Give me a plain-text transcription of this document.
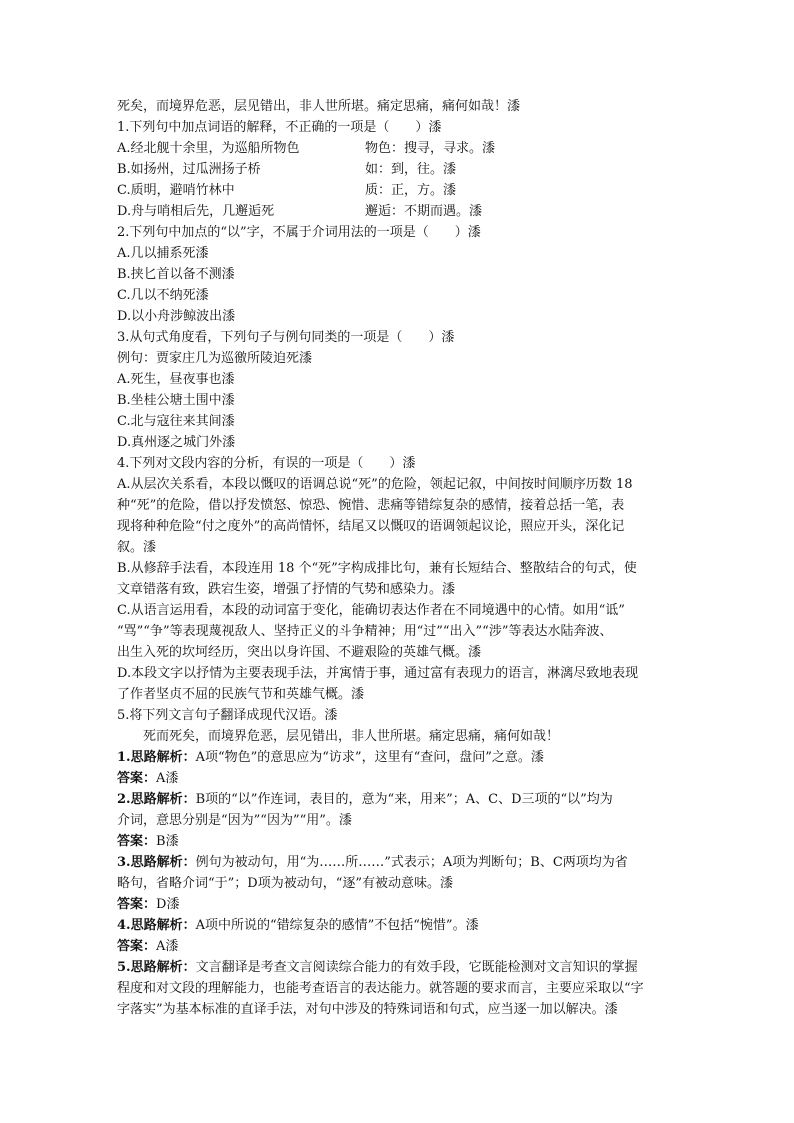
死矣，而境界危恶，层见错出，非人世所堪。痛定思痛，痛何如哉！潻
1.下列句中加点词语的解释，不正确的一项是（　　）潻
A.经北舰十余里，为巡船所物色	物色：搜寻，寻求。潻
B.如扬州，过瓜洲扬子桥	如：到，往。潻
C.质明，避哨竹林中	质：正，方。潻
D.舟与哨相后先，几邂逅死	邂逅：不期而遇。潻
2.下列句中加点的“以”字，不属于介词用法的一项是（　　）潻
A.几以捕系死潻
B.挟匕首以备不测潻
C.几以不纳死潻
D.以小舟涉鲸波出潻
3.从句式角度看，下列句子与例句同类的一项是（　　）潻
例句：贾家庄几为巡徼所陵迫死潻
A.死生，昼夜事也潻
B.坐桂公塘土围中潻
C.北与寇往来其间潻
D.真州逐之城门外潻
4.下列对文段内容的分析，有误的一项是（　　）潻
A.从层次关系看，本段以慨叹的语调总说“死”的危险，领起记叙，中间按时间顺序历数 18
种“死”的危险，借以抒发愤怒、惊恐、惋惜、悲痛等错综复杂的感情，接着总括一笔，表
现将种种危险“付之度外”的高尚情怀，结尾又以慨叹的语调领起议论，照应开头，深化记
叙。潻
B.从修辞手法看，本段连用 18 个“死”字构成排比句，兼有长短结合、整散结合的句式，使
文章错落有致，跌宕生姿，增强了抒情的气势和感染力。潻
C.从语言运用看，本段的动词富于变化，能确切表达作者在不同境遇中的心情。如用“诋”
“骂”“争”等表现蔑视敌人、坚持正义的斗争精神；用“过”“出入”“涉”等表达水陆奔波、
出生入死的坎坷经历，突出以身许国、不避艰险的英雄气概。潻
D.本段文字以抒情为主要表现手法，并寓情于事，通过富有表现力的语言，淋漓尽致地表现
了作者坚贞不屈的民族气节和英雄气概。潻
5.将下列文言句子翻译成现代汉语。潻
死而死矣，而境界危恶，层见错出，非人世所堪。痛定思痛，痛何如哉！
1.思路解析：A项“物色”的意思应为“访求”，这里有“查问，盘问”之意。潻
答案：A潻
2.思路解析：B项的“以”作连词，表目的，意为“来，用来”；A、C、D三项的“以”均为
介词，意思分别是“因为”“因为”“用”。潻
答案：B潻
3.思路解析：例句为被动句，用“为……所……”式表示；A项为判断句；B、C两项均为省
略句，省略介词“于”；D项为被动句，“逐”有被动意味。潻
答案：D潻
4.思路解析：A项中所说的“错综复杂的感情”不包括“惋惜”。潻
答案：A潻
5.思路解析：文言翻译是考查文言阅读综合能力的有效手段，它既能检测对文言知识的掌握
程度和对文段的理解能力，也能考查语言的表达能力。就答题的要求而言，主要应采取以“字
字落实”为基本标准的直译手法，对句中涉及的特殊词语和句式，应当逐一加以解决。潻
